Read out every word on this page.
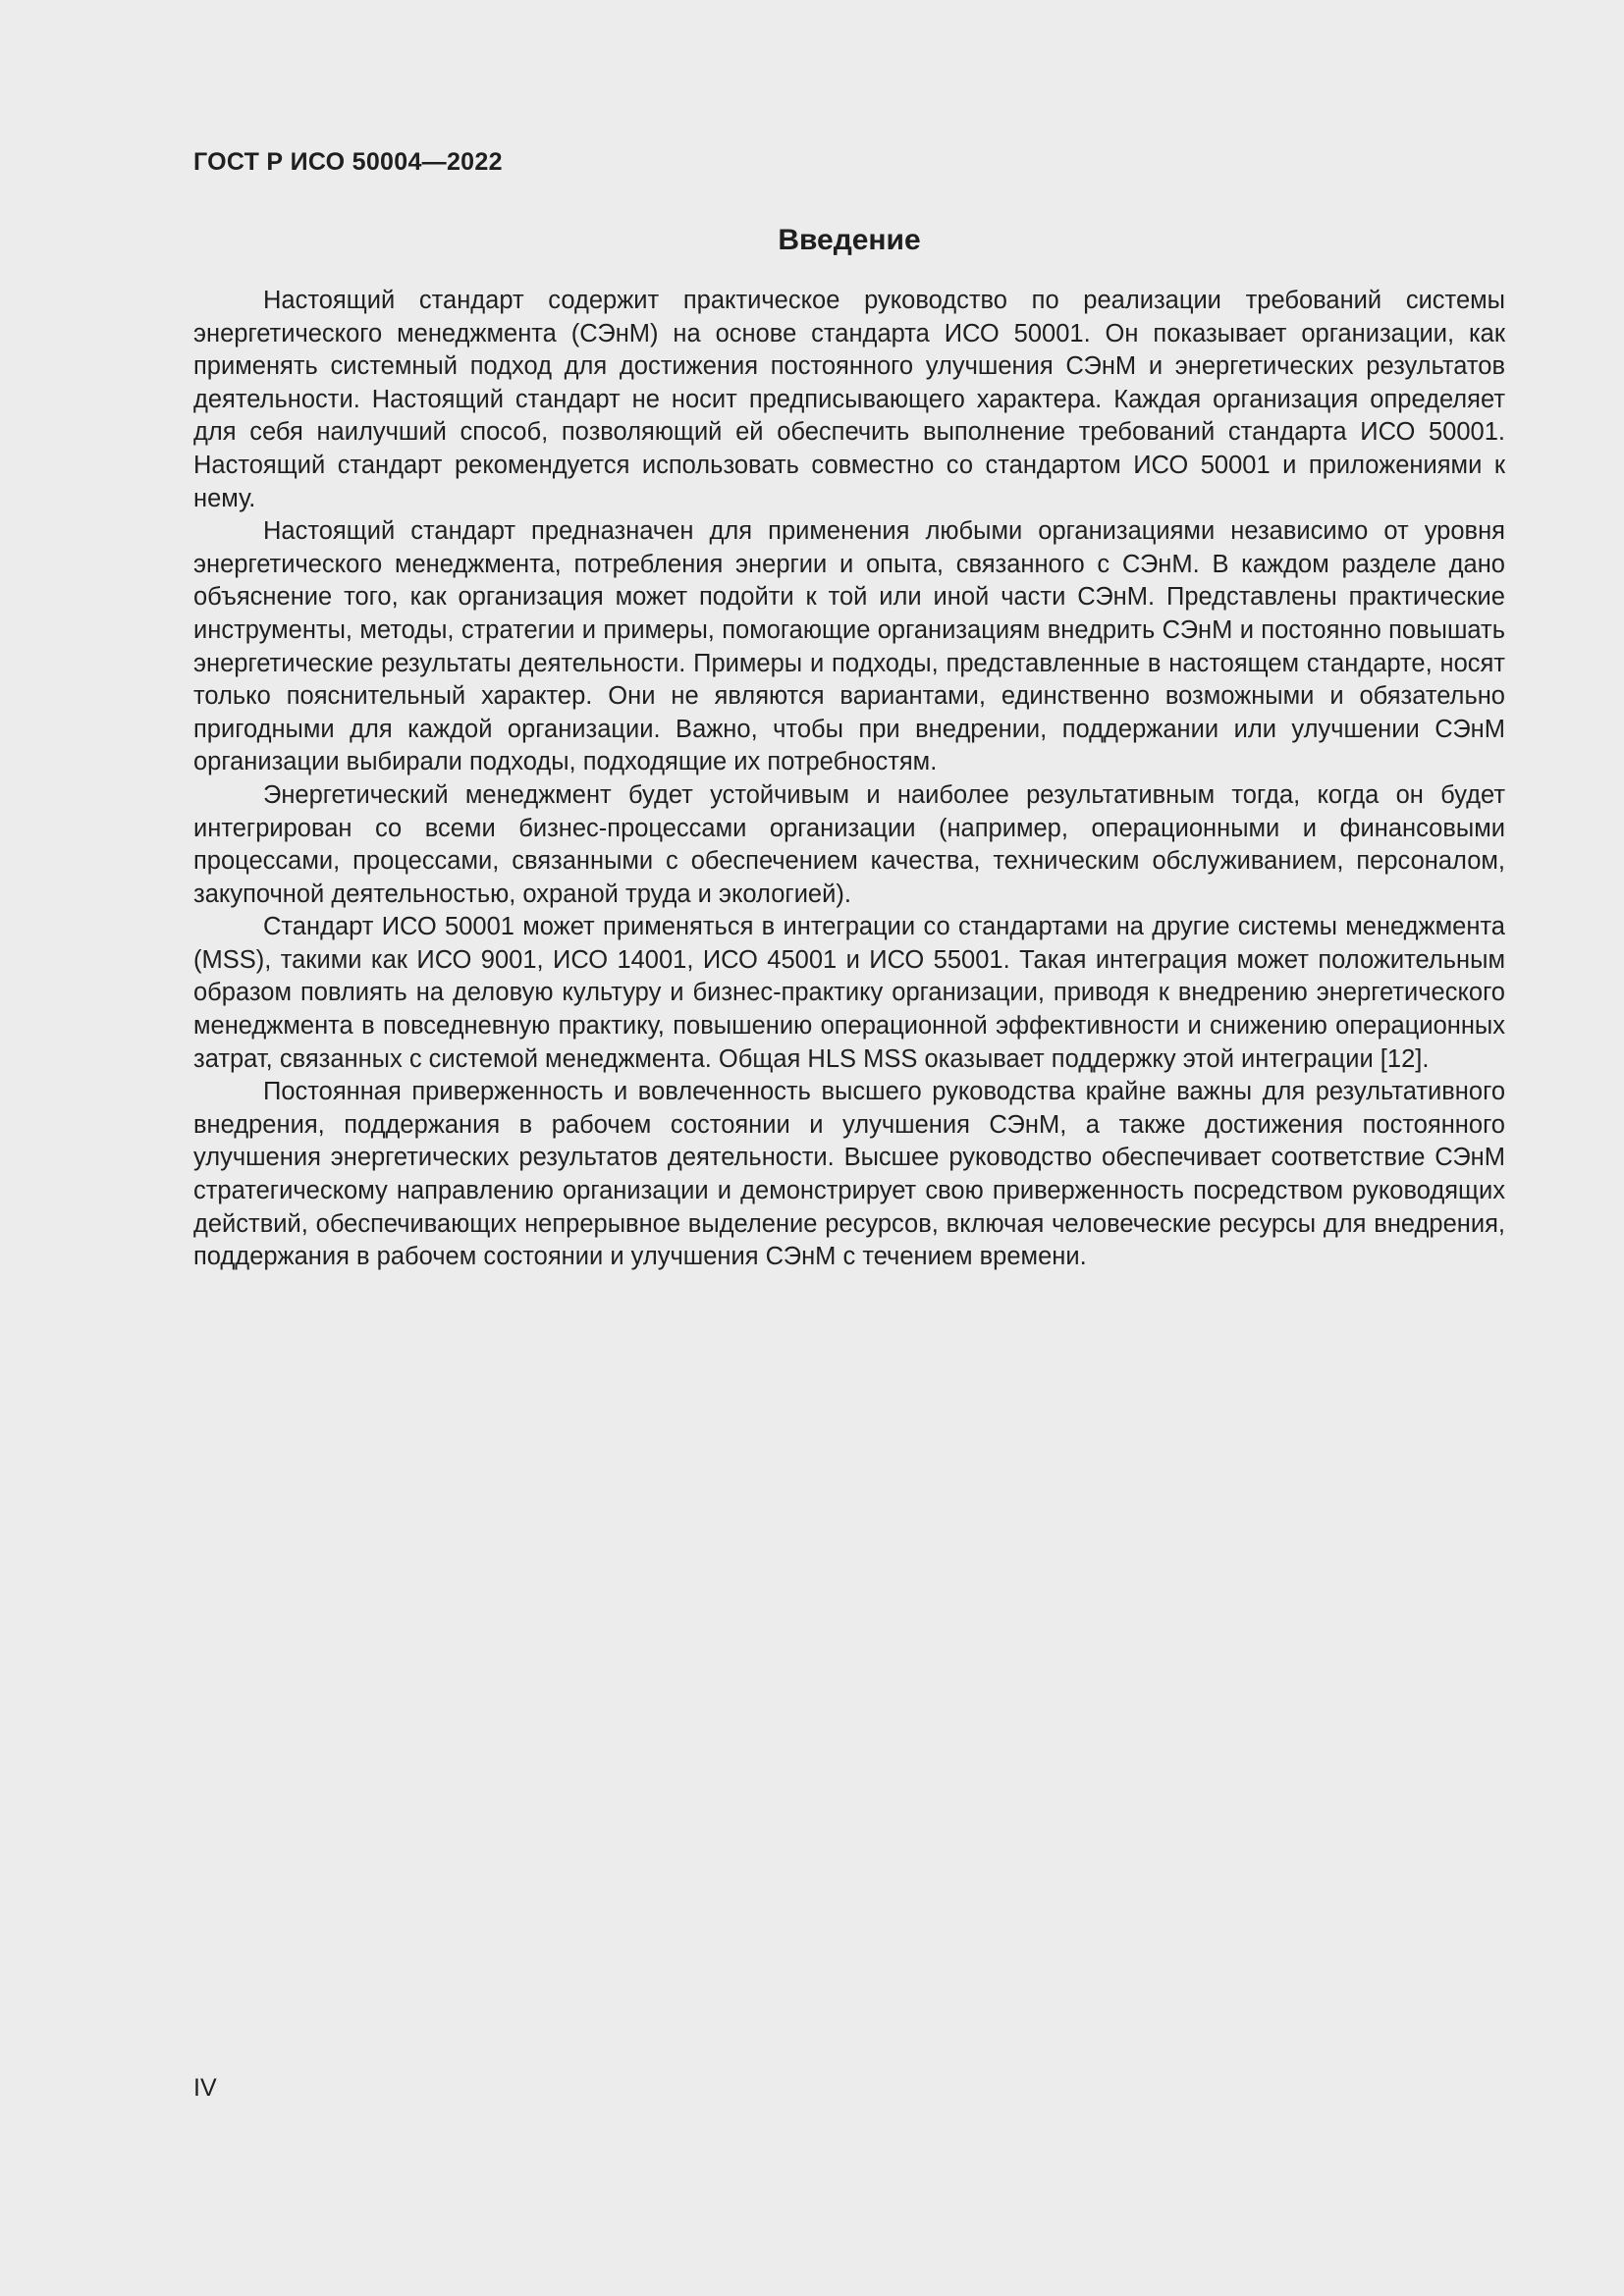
ГОСТ Р ИСО 50004—2022

Введение

Настоящий стандарт содержит практическое руководство по реализации требований системы энергетического менеджмента (СЭнМ) на основе стандарта ИСО 50001. Он показывает организации, как применять системный подход для достижения постоянного улучшения СЭнМ и энергетических результатов деятельности. Настоящий стандарт не носит предписывающего характера. Каждая организация определяет для себя наилучший способ, позволяющий ей обеспечить выполнение требований стандарта ИСО 50001. Настоящий стандарт рекомендуется использовать совместно со стандартом ИСО 50001 и приложениями к нему.

Настоящий стандарт предназначен для применения любыми организациями независимо от уровня энергетического менеджмента, потребления энергии и опыта, связанного с СЭнМ. В каждом разделе дано объяснение того, как организация может подойти к той или иной части СЭнМ. Представлены практические инструменты, методы, стратегии и примеры, помогающие организациям внедрить СЭнМ и постоянно повышать энергетические результаты деятельности. Примеры и подходы, представленные в настоящем стандарте, носят только пояснительный характер. Они не являются вариантами, единственно возможными и обязательно пригодными для каждой организации. Важно, чтобы при внедрении, поддержании или улучшении СЭнМ организации выбирали подходы, подходящие их потребностям.

Энергетический менеджмент будет устойчивым и наиболее результативным тогда, когда он будет интегрирован со всеми бизнес-процессами организации (например, операционными и финансовыми процессами, процессами, связанными с обеспечением качества, техническим обслуживанием, персоналом, закупочной деятельностью, охраной труда и экологией).

Стандарт ИСО 50001 может применяться в интеграции со стандартами на другие системы менеджмента (MSS), такими как ИСО 9001, ИСО 14001, ИСО 45001 и ИСО 55001. Такая интеграция может положительным образом повлиять на деловую культуру и бизнес-практику организации, приводя к внедрению энергетического менеджмента в повседневную практику, повышению операционной эффективности и снижению операционных затрат, связанных с системой менеджмента. Общая HLS MSS оказывает поддержку этой интеграции [12].

Постоянная приверженность и вовлеченность высшего руководства крайне важны для результативного внедрения, поддержания в рабочем состоянии и улучшения СЭнМ, а также достижения постоянного улучшения энергетических результатов деятельности. Высшее руководство обеспечивает соответствие СЭнМ стратегическому направлению организации и демонстрирует свою приверженность посредством руководящих действий, обеспечивающих непрерывное выделение ресурсов, включая человеческие ресурсы для внедрения, поддержания в рабочем состоянии и улучшения СЭнМ с течением времени.

IV
